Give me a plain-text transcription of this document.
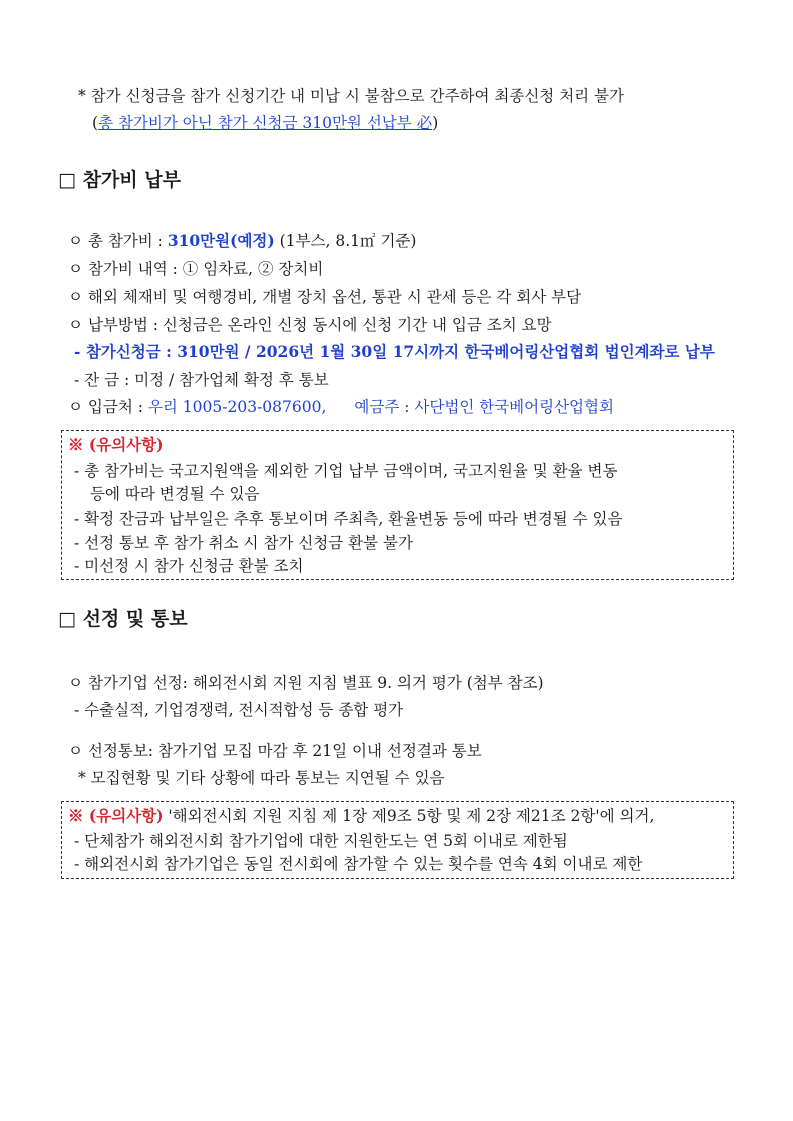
* 참가 신청금을 참가 신청기간 내 미납 시 불참으로 간주하여 최종신청 처리 불가
(총 참가비가 아닌 참가 신청금 310만원 선납부 必)
□ 참가비 납부
ㅇ 총 참가비 : 310만원(예정) (1부스, 8.1㎡ 기준)
ㅇ 참가비 내역 : ① 임차료, ② 장치비
ㅇ 해외 체재비 및 여행경비, 개별 장치 옵션, 통관 시 관세 등은 각 회사 부담
ㅇ 납부방법 : 신청금은 온라인 신청 동시에 신청 기간 내 입금 조치 요망
- 참가신청금 : 310만원 / 2026년 1월 30일 17시까지 한국베어링산업협회 법인계좌로 납부
- 잔 금 : 미정 / 참가업체 확정 후 통보
ㅇ 입금처 : 우리 1005-203-087600, 예금주 : 사단법인 한국베어링산업협회
※ (유의사항)
- 총 참가비는 국고지원액을 제외한 기업 납부 금액이며, 국고지원율 및 환율 변동
등에 따라 변경될 수 있음
- 확정 잔금과 납부일은 추후 통보이며 주최측, 환율변동 등에 따라 변경될 수 있음
- 선정 통보 후 참가 취소 시 참가 신청금 환불 불가
- 미선정 시 참가 신청금 환불 조치
□ 선정 및 통보
ㅇ 참가기업 선정: 해외전시회 지원 지침 별표 9. 의거 평가 (첨부 참조)
- 수출실적, 기업경쟁력, 전시적합성 등 종합 평가
ㅇ 선정통보: 참가기업 모집 마감 후 21일 이내 선정결과 통보
* 모집현황 및 기타 상황에 따라 통보는 지연될 수 있음
※ (유의사항) '해외전시회 지원 지침 제 1장 제9조 5항 및 제 2장 제21조 2항'에 의거,
- 단체참가 해외전시회 참가기업에 대한 지원한도는 연 5회 이내로 제한됨
- 해외전시회 참가기업은 동일 전시회에 참가할 수 있는 횟수를 연속 4회 이내로 제한
